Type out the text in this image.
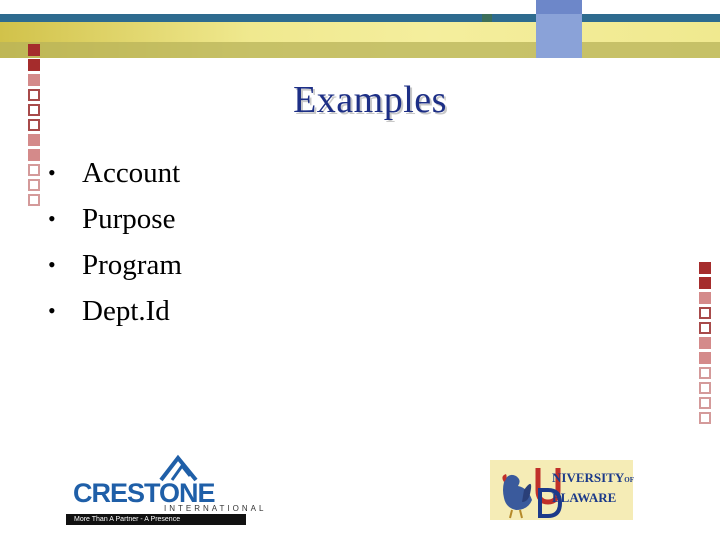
Examples
• Account
• Purpose
• Program
• Dept.Id
CRESTONE
INTERNATIONAL
More Than A Partner - A Presence
NIVERSITYOF
ELAWARE
